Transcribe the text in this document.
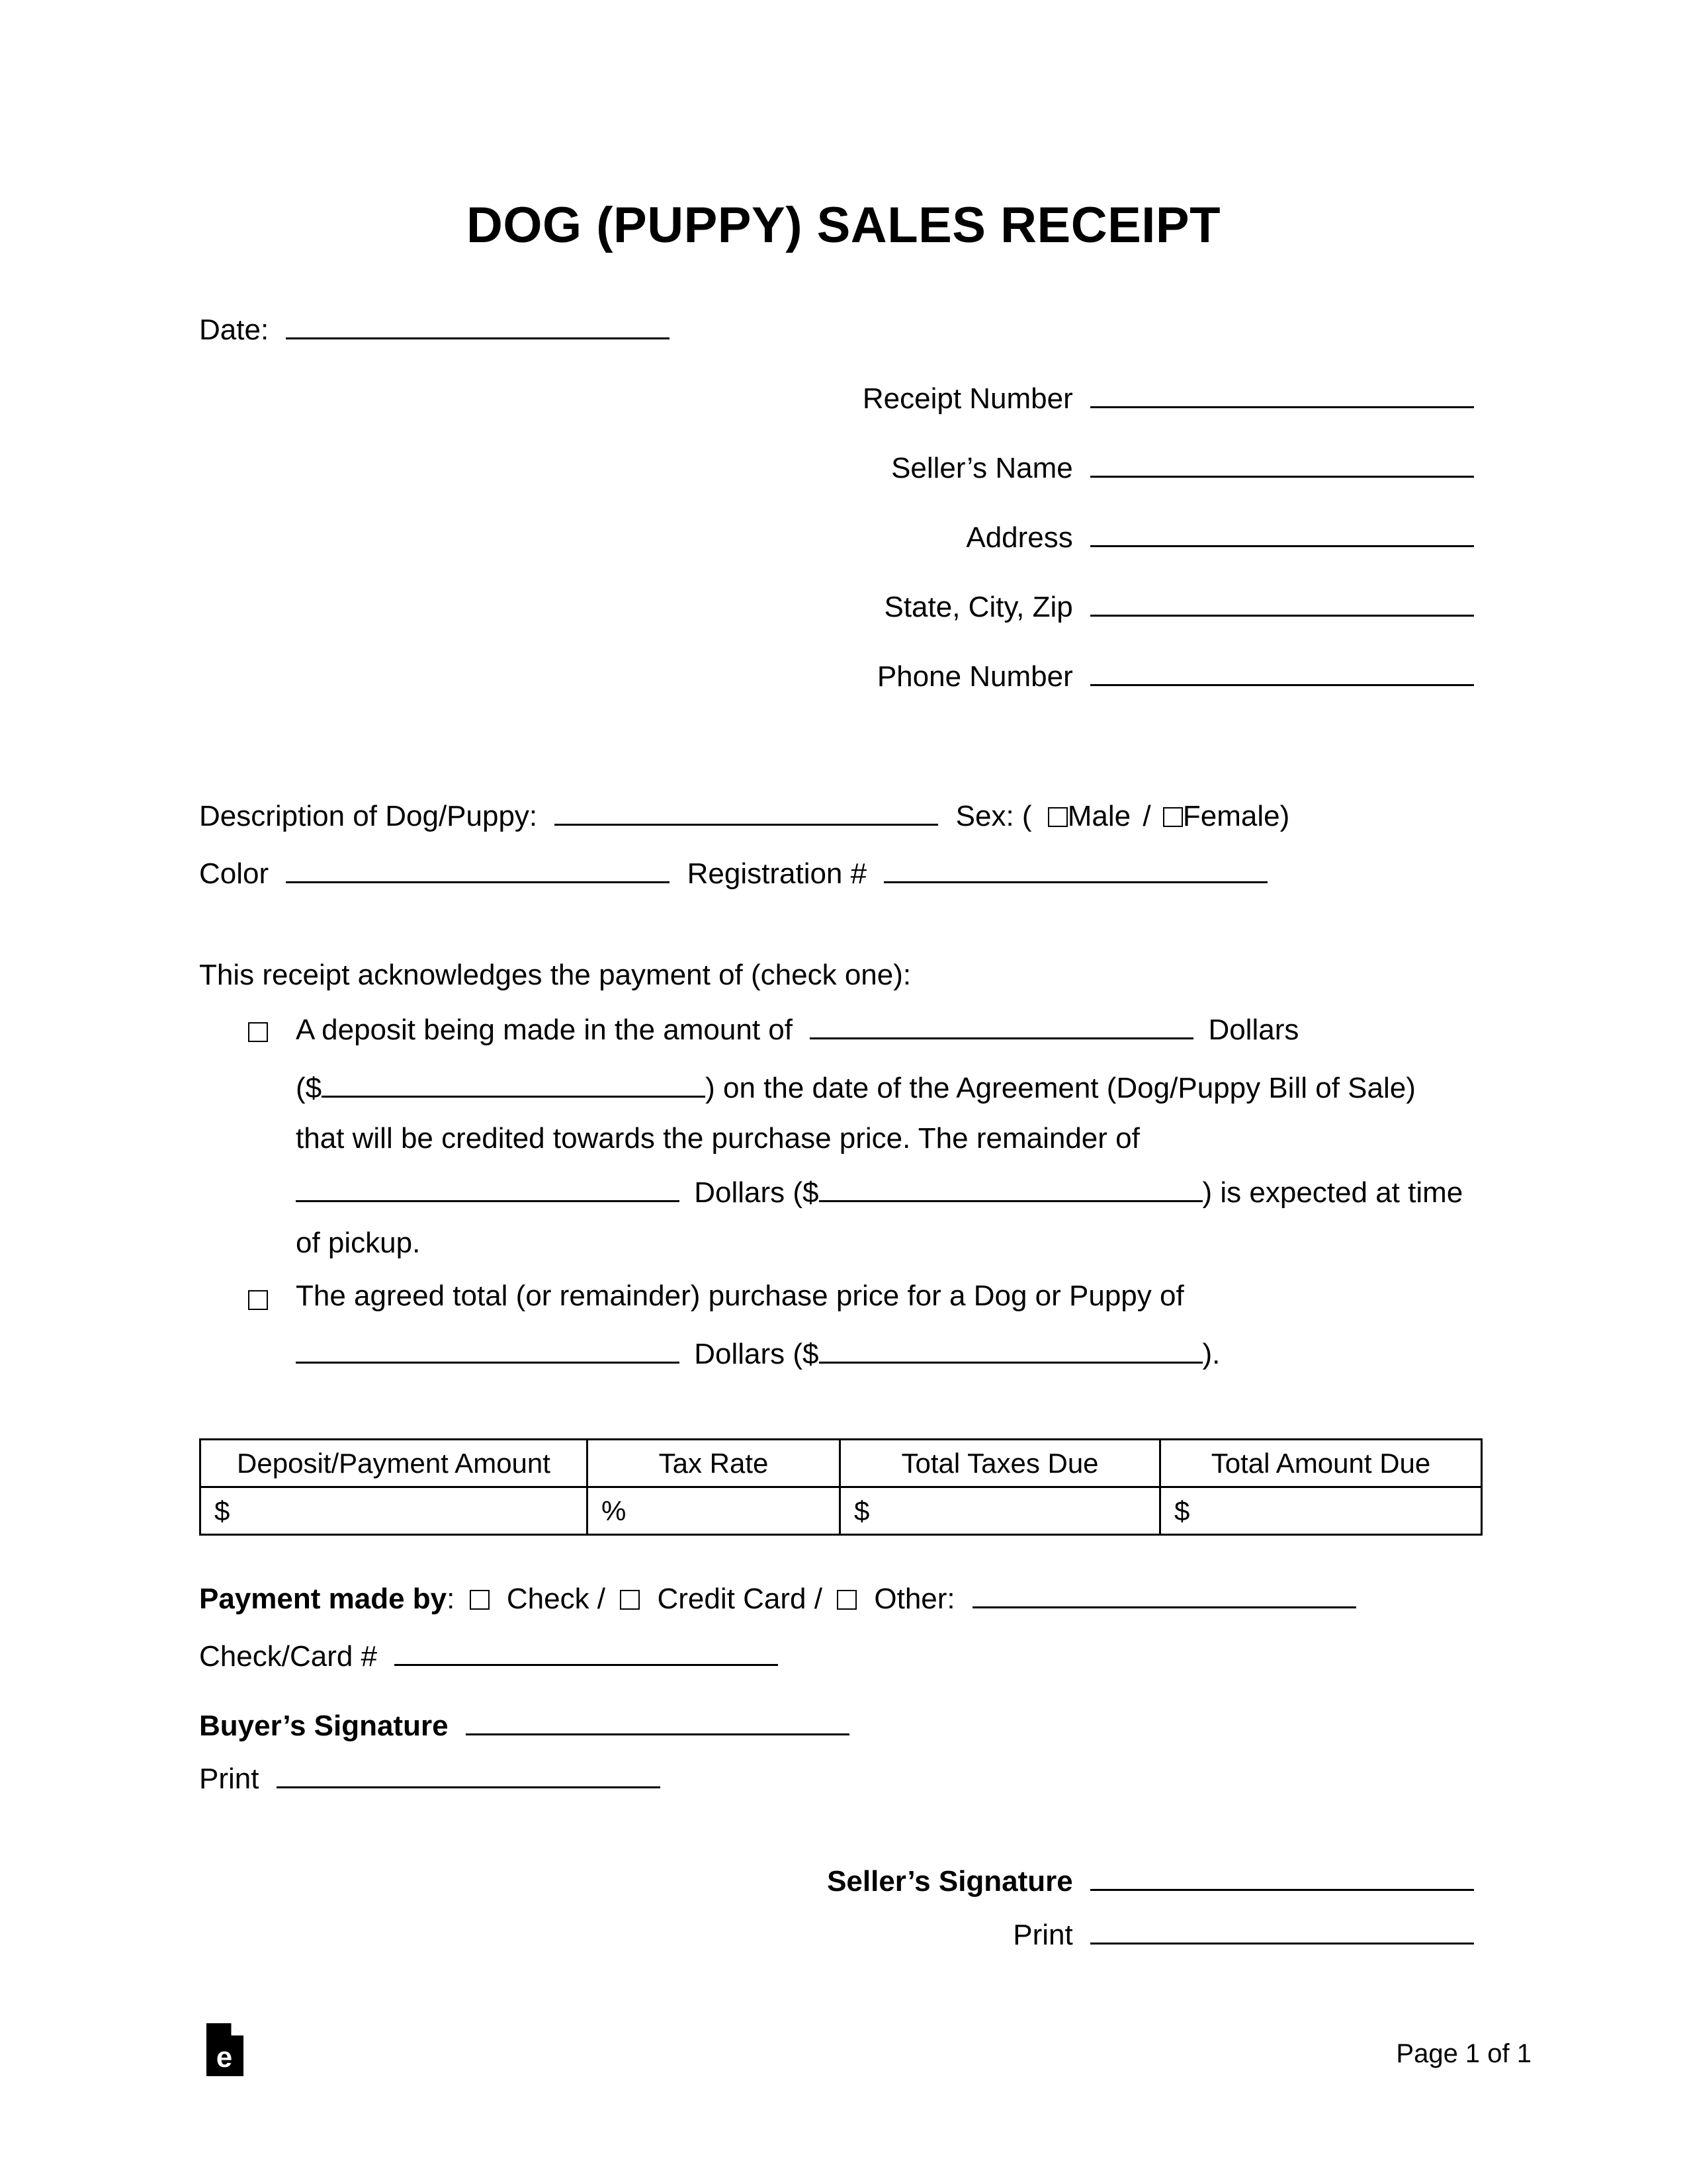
DOG (PUPPY) SALES RECEIPT
Date:
Receipt Number
Seller’s Name
Address
State, City, Zip
Phone Number
Description of Dog/Puppy:	Sex: ( Male / Female)
Color	Registration #
This receipt acknowledges the payment of (check one):
A deposit being made in the amount of	Dollars
($	) on the date of the Agreement (Dog/Puppy Bill of Sale)
that will be credited towards the purchase price. The remainder of
Dollars ($	) is expected at time
of pickup.
The agreed total (or remainder) purchase price for a Dog or Puppy of
Dollars ($	).
Deposit/Payment Amount	Tax Rate	Total Taxes Due	Total Amount Due
$	%	$	$
Payment made by: Check / Credit Card / Other:
Check/Card #
Buyer’s Signature
Print
Seller’s Signature
Print
e	Page 1 of 1
